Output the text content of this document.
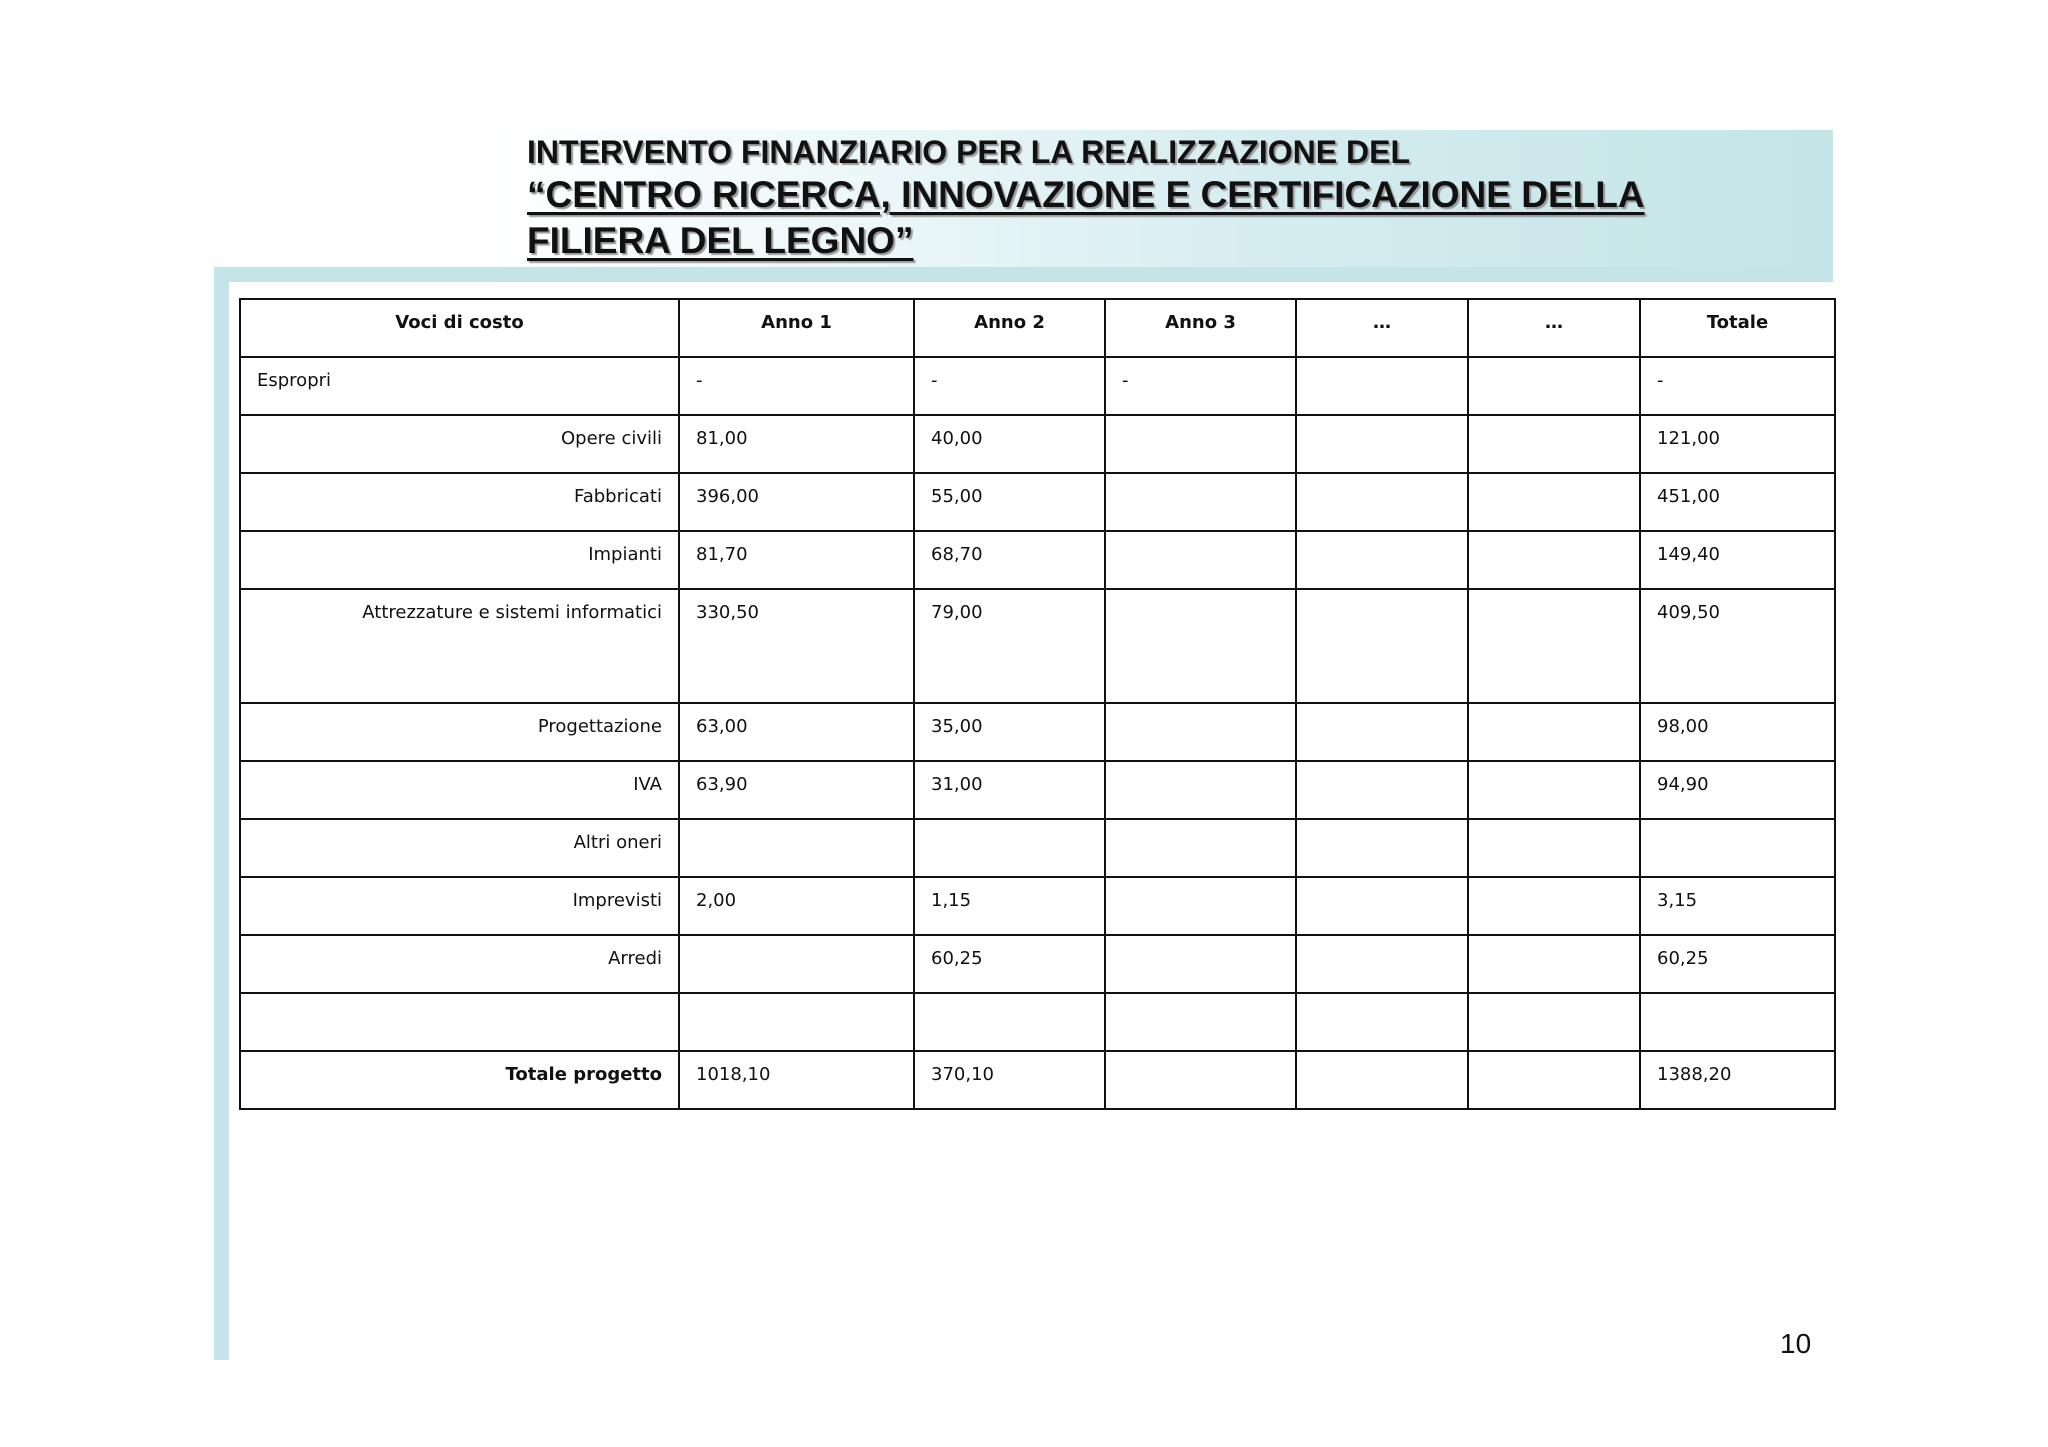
INTERVENTO FINANZIARIO PER LA REALIZZAZIONE DEL
“CENTRO RICERCA, INNOVAZIONE E CERTIFICAZIONE DELLA
FILIERA DEL LEGNO”
Voci di costo	Anno 1	Anno 2	Anno 3	…	…	Totale
Espropri	-	-	-			-
Opere civili	81,00	40,00				121,00
Fabbricati	396,00	55,00				451,00
Impianti	81,70	68,70				149,40
Attrezzature e sistemi informatici	330,50	79,00				409,50
Progettazione	63,00	35,00				98,00
IVA	63,90	31,00				94,90
Altri oneri						
Imprevisti	2,00	1,15				3,15
Arredi		60,25				60,25

Totale progetto	1018,10	370,10				1388,20
10
